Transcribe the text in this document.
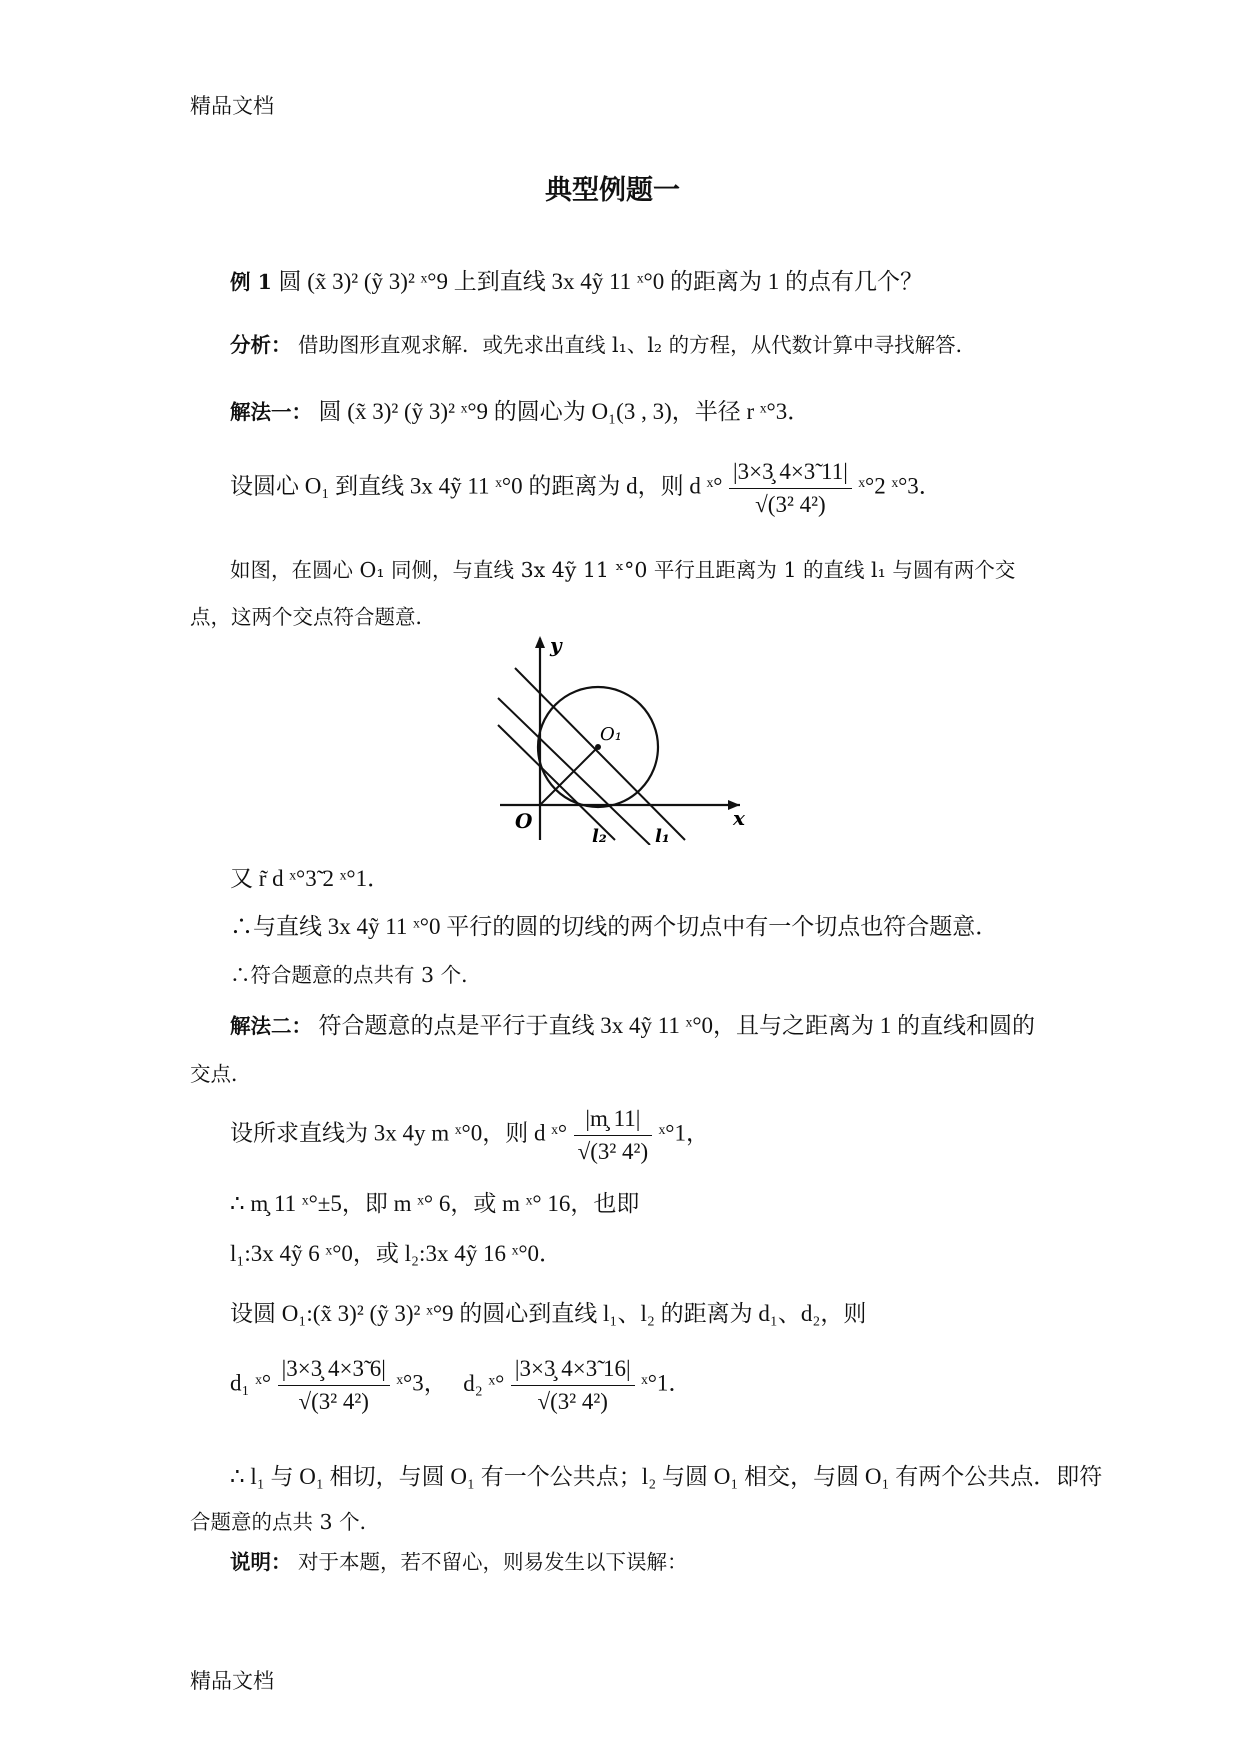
精品文档
典型例题一
例 1 圆 (x̃ 3)² (ỹ 3)² ˣ°9 上到直线 3x 4ỹ 11 ˣ°0 的距离为 1 的点有几个？
分析： 借助图形直观求解．或先求出直线 l₁、l₂ 的方程，从代数计算中寻找解答．
解法一： 圆 (x̃ 3)² (ỹ 3)² ˣ°9 的圆心为 O₁(3 , 3)，半径 r ˣ°3．
设圆心 O₁ 到直线 3x 4ỹ 11 ˣ°0 的距离为 d，则 d ˣ° $\frac{|3\times 3̧ 4\times 3̃ 11|}{\text{√(3² 4²)}}$ ˣ°2 ˣ°3．
如图，在圆心 O₁ 同侧，与直线 3x 4ỹ 11 ˣ°0 平行且距离为 1 的直线 l₁ 与圆有两个交
点，这两个交点符合题意．
y
x
O
O₁
l₁
l₂
又 r̃ d ˣ°3̃ 2 ˣ°1．
∴与直线 3x 4ỹ 11 ˣ°0 平行的圆的切线的两个切点中有一个切点也符合题意．
∴符合题意的点共有 3 个．
解法二： 符合题意的点是平行于直线 3x 4ỹ 11 ˣ°0，且与之距离为 1 的直线和圆的
交点．
设所求直线为 3x 4y m ˣ°0，则 d ˣ° $\frac{|m̧ 11|}{\text{√(3² 4²)}}$ ˣ°1，
∴ m̧ 11 ˣ°±5，即 m ˣ° 6，或 m ˣ° 16，也即
l₁:3x 4ỹ 6 ˣ°0，或 l₂:3x 4ỹ 16 ˣ°0．
设圆 O₁:(x̃ 3)² (ỹ 3)² ˣ°9 的圆心到直线 l₁、l₂ 的距离为 d₁、d₂，则
d₁ ˣ° $\frac{|3\times 3̧ 4\times 3̃ 6|}{\text{√(3² 4²)}}$ ˣ°3， d₂ ˣ° $\frac{|3\times 3̧ 4\times 3̃ 16|}{\text{√(3² 4²)}}$ ˣ°1．
∴ l₁ 与 O₁ 相切，与圆 O₁ 有一个公共点；l₂ 与圆 O₁ 相交，与圆 O₁ 有两个公共点．即符
合题意的点共 3 个．
说明： 对于本题，若不留心，则易发生以下误解：
精品文档
